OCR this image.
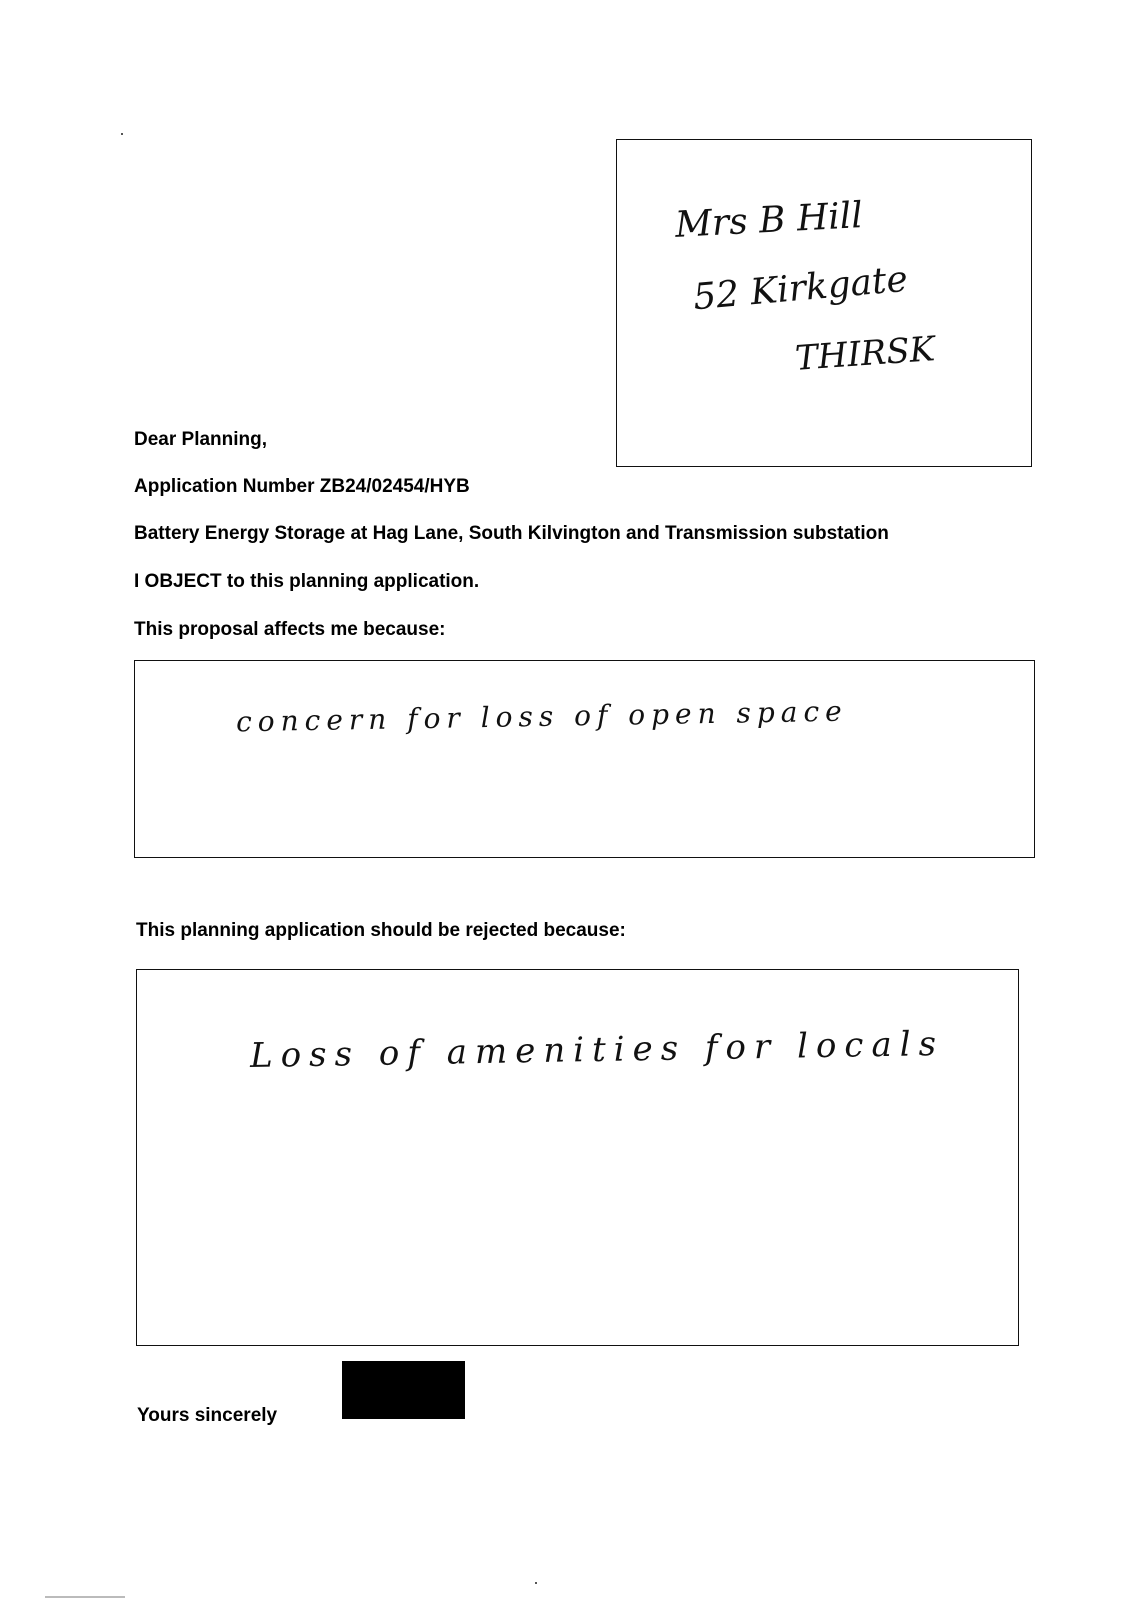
Mrs B Hill
52 Kirkgate
THIRSK
Dear Planning,
Application Number ZB24/02454/HYB
Battery Energy Storage at Hag Lane, South Kilvington and Transmission substation
I OBJECT to this planning application.
This proposal affects me because:
concern for loss of open space
This planning application should be rejected because:
Loss of amenities for locals
Yours sincerely
